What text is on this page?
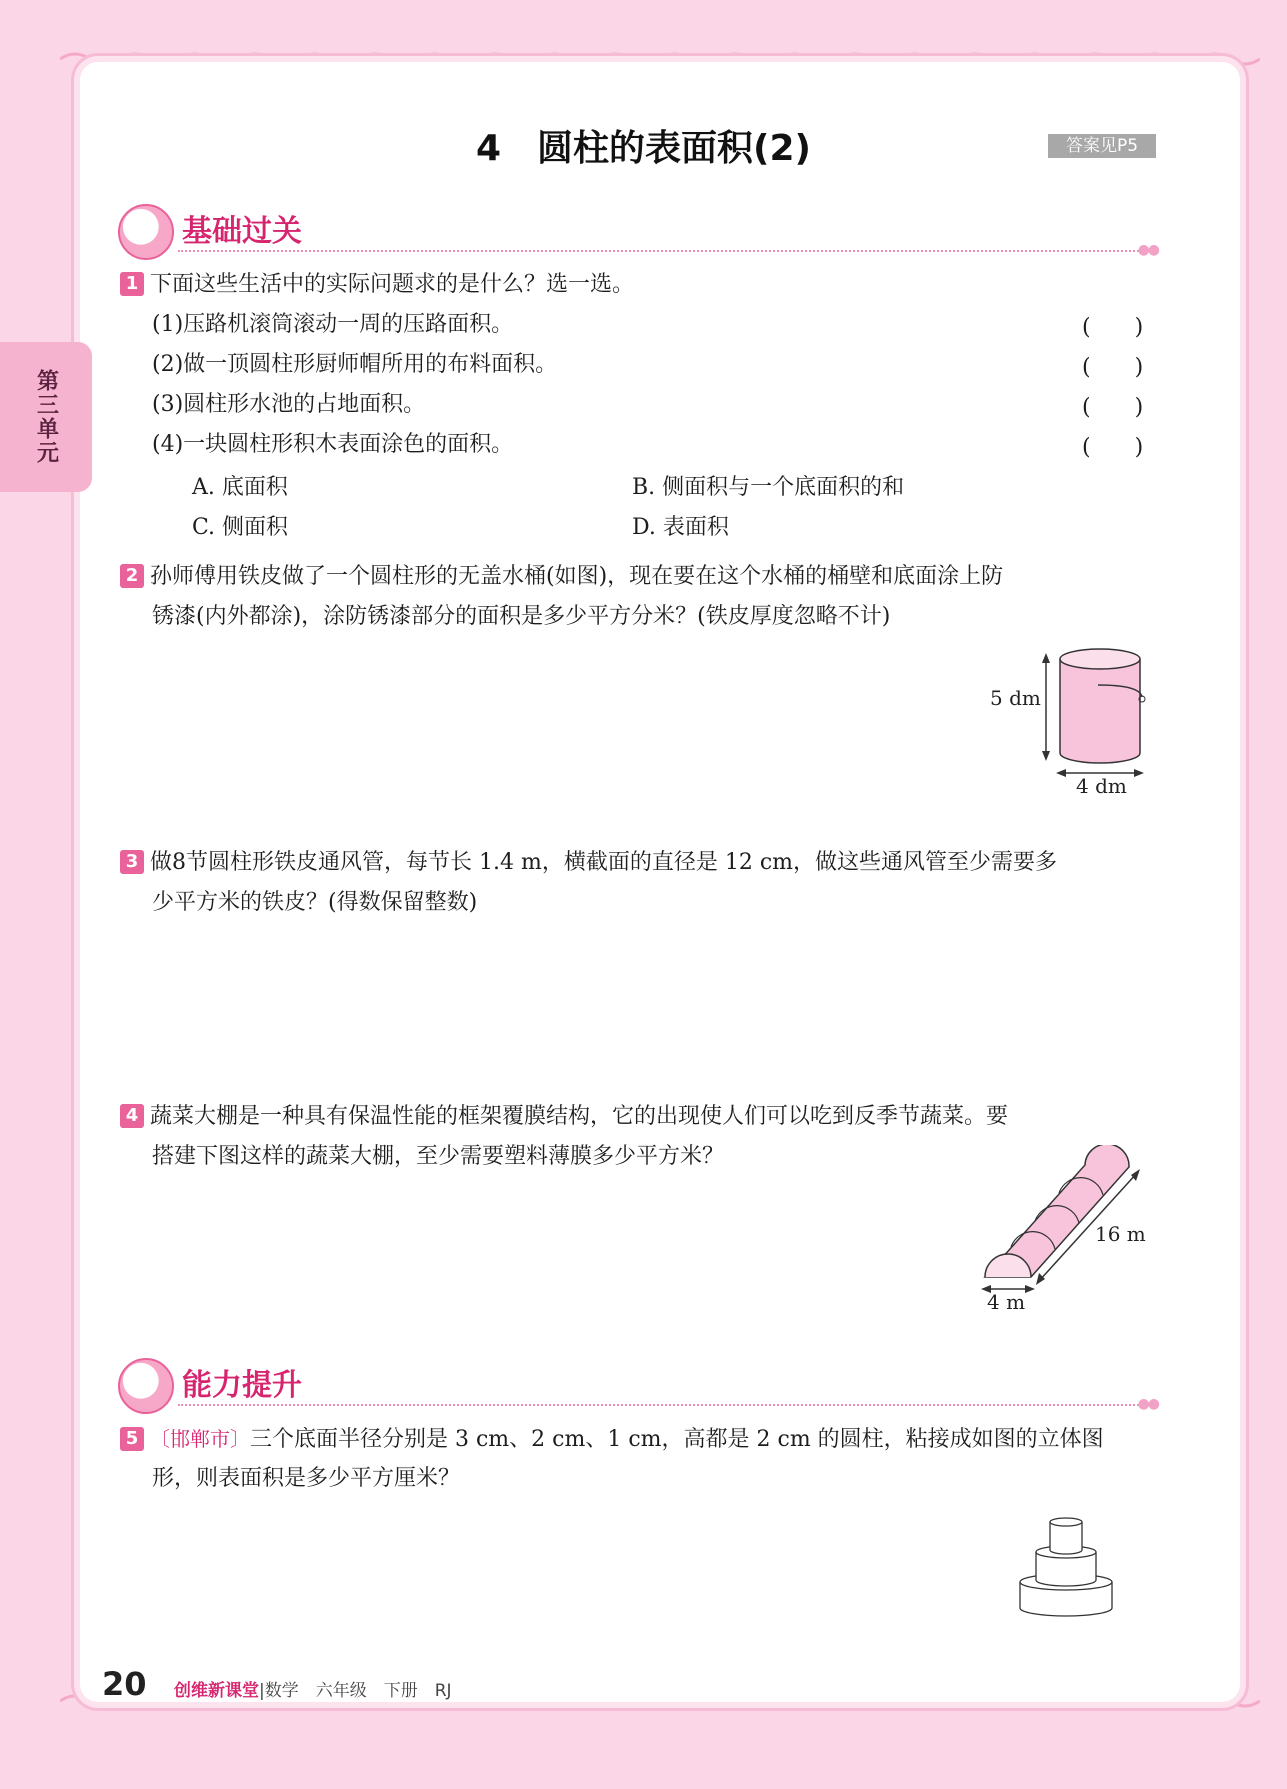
第三单元
4　圆柱的表面积(2)	答案见P5
基础过关
●●
1 下面这些生活中的实际问题求的是什么？选一选。
(1)压路机滚筒滚动一周的压路面积。	(　　)
(2)做一顶圆柱形厨师帽所用的布料面积。	(　　)
(3)圆柱形水池的占地面积。	(　　)
(4)一块圆柱形积木表面涂色的面积。	(　　)
A. 底面积	B. 侧面积与一个底面积的和
C. 侧面积	D. 表面积
2 孙师傅用铁皮做了一个圆柱形的无盖水桶(如图)，现在要在这个水桶的桶壁和底面涂上防
锈漆(内外都涂)，涂防锈漆部分的面积是多少平方分米？(铁皮厚度忽略不计)
5 dm
4 dm
3 做8节圆柱形铁皮通风管，每节长 1.4 m，横截面的直径是 12 cm，做这些通风管至少需要多
少平方米的铁皮？(得数保留整数)
4 蔬菜大棚是一种具有保温性能的框架覆膜结构，它的出现使人们可以吃到反季节蔬菜。要
搭建下图这样的蔬菜大棚，至少需要塑料薄膜多少平方米？
16 m
4 m
能力提升
●●
5 〔邯郸市〕三个底面半径分别是 3 cm、2 cm、1 cm，高都是 2 cm 的圆柱，粘接成如图的立体图
形，则表面积是多少平方厘米？
20 创维新课堂|数学　六年级　下册　RJ
